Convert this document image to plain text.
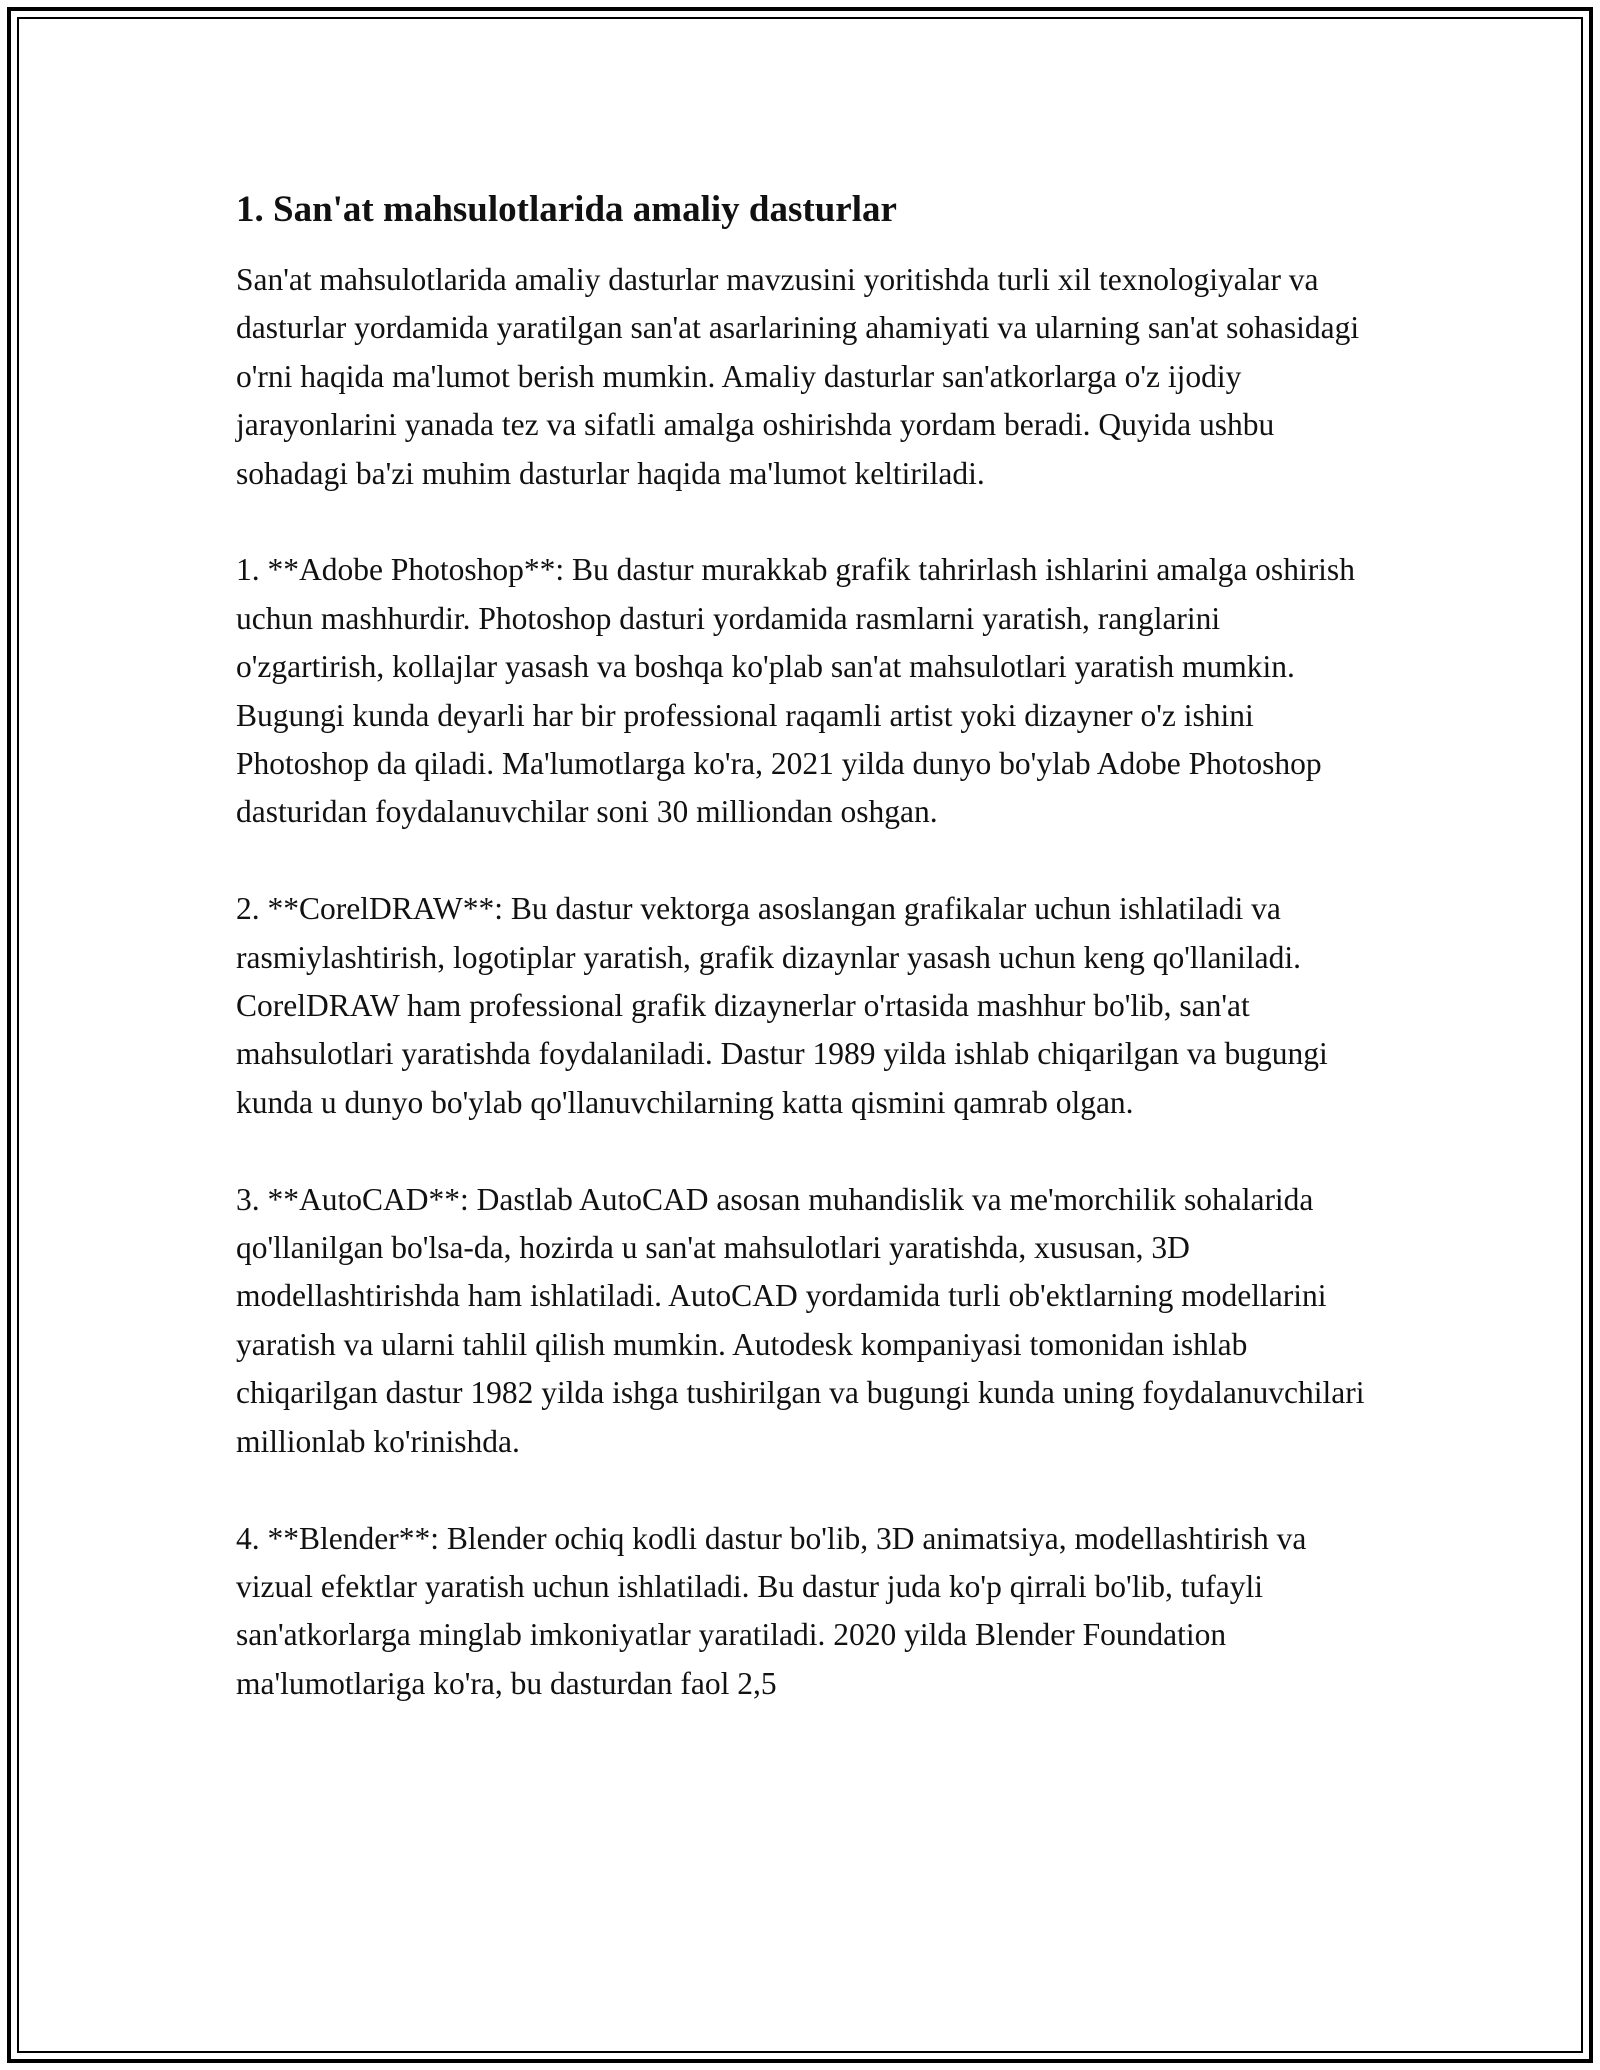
1. San'at mahsulotlarida amaliy dasturlar

San'at mahsulotlarida amaliy dasturlar mavzusini yoritishda turli xil texnologiyalar va dasturlar yordamida yaratilgan san'at asarlarining ahamiyati va ularning san'at sohasidagi o'rni haqida ma'lumot berish mumkin. Amaliy dasturlar san'atkorlarga o'z ijodiy jarayonlarini yanada tez va sifatli amalga oshirishda yordam beradi. Quyida ushbu sohadagi ba'zi muhim dasturlar haqida ma'lumot keltiriladi.

1. **Adobe Photoshop**: Bu dastur murakkab grafik tahrirlash ishlarini amalga oshirish uchun mashhurdir. Photoshop dasturi yordamida rasmlarni yaratish, ranglarini o'zgartirish, kollajlar yasash va boshqa ko'plab san'at mahsulotlari yaratish mumkin. Bugungi kunda deyarli har bir professional raqamli artist yoki dizayner o'z ishini Photoshop da qiladi. Ma'lumotlarga ko'ra, 2021 yilda dunyo bo'ylab Adobe Photoshop dasturidan foydalanuvchilar soni 30 milliondan oshgan.

2. **CorelDRAW**: Bu dastur vektorga asoslangan grafikalar uchun ishlatiladi va rasmiylashtirish, logotiplar yaratish, grafik dizaynlar yasash uchun keng qo'llaniladi. CorelDRAW ham professional grafik dizaynerlar o'rtasida mashhur bo'lib, san'at mahsulotlari yaratishda foydalaniladi. Dastur 1989 yilda ishlab chiqarilgan va bugungi kunda u dunyo bo'ylab qo'llanuvchilarning katta qismini qamrab olgan.

3. **AutoCAD**: Dastlab AutoCAD asosan muhandislik va me'morchilik sohalarida qo'llanilgan bo'lsa-da, hozirda u san'at mahsulotlari yaratishda, xususan, 3D modellashtirishda ham ishlatiladi. AutoCAD yordamida turli ob'ektlarning modellarini yaratish va ularni tahlil qilish mumkin. Autodesk kompaniyasi tomonidan ishlab chiqarilgan dastur 1982 yilda ishga tushirilgan va bugungi kunda uning foydalanuvchilari millionlab ko'rinishda.

4. **Blender**: Blender ochiq kodli dastur bo'lib, 3D animatsiya, modellashtirish va vizual efektlar yaratish uchun ishlatiladi. Bu dastur juda ko'p qirrali bo'lib, tufayli san'atkorlarga minglab imkoniyatlar yaratiladi. 2020 yilda Blender Foundation ma'lumotlariga ko'ra, bu dasturdan faol 2,5
